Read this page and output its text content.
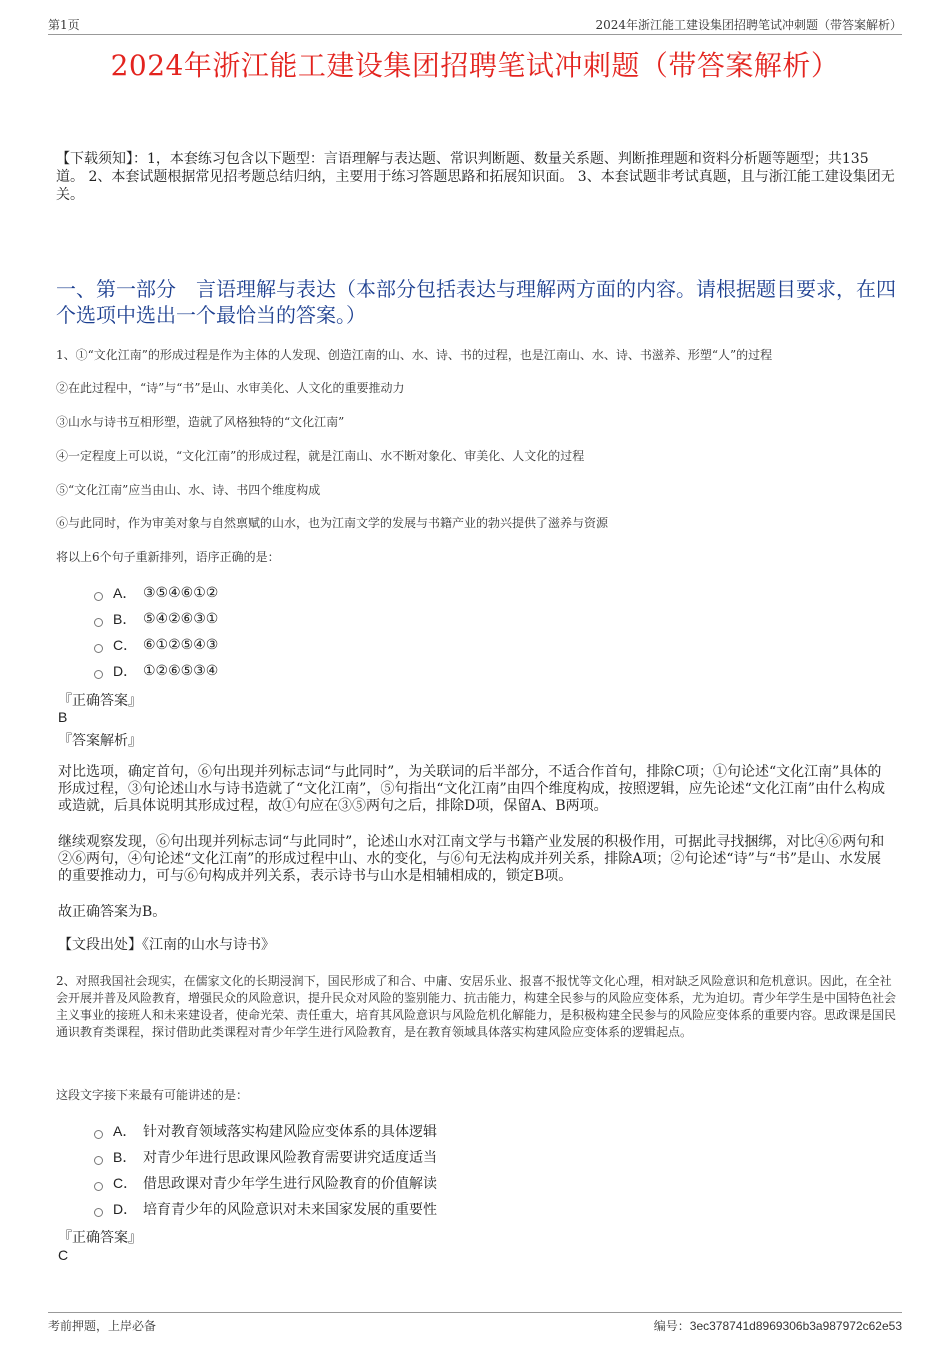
第1页	2024年浙江能工建设集团招聘笔试冲刺题（带答案解析）
2024年浙江能工建设集团招聘笔试冲刺题（带答案解析）
【下载须知】：1，本套练习包含以下题型：言语理解与表达题、常识判断题、数量关系题、判断推理题和资料分析题等题型；共135道。 2、本套试题根据常见招考题总结归纳，主要用于练习答题思路和拓展知识面。 3、本套试题非考试真题，且与浙江能工建设集团无关。
一、第一部分　言语理解与表达（本部分包括表达与理解两方面的内容。请根据题目要求，在四个选项中选出一个最恰当的答案。）
1、①“文化江南”的形成过程是作为主体的人发现、创造江南的山、水、诗、书的过程，也是江南山、水、诗、书滋养、形塑“人”的过程
②在此过程中，“诗”与“书”是山、水审美化、人文化的重要推动力
③山水与诗书互相形塑，造就了风格独特的“文化江南”
④一定程度上可以说，“文化江南”的形成过程，就是江南山、水不断对象化、审美化、人文化的过程
⑤“文化江南”应当由山、水、诗、书四个维度构成
⑥与此同时，作为审美对象与自然禀赋的山水，也为江南文学的发展与书籍产业的勃兴提供了滋养与资源
将以上6个句子重新排列，语序正确的是：
A． ③⑤④⑥①②
B． ⑤④②⑥③①
C． ⑥①②⑤④③
D． ①②⑥⑤③④
『正确答案』
B
『答案解析』
对比选项，确定首句，⑥句出现并列标志词“与此同时”，为关联词的后半部分，不适合作首句，排除C项；①句论述“文化江南”具体的形成过程，③句论述山水与诗书造就了“文化江南”，⑤句指出“文化江南”由四个维度构成，按照逻辑，应先论述“文化江南”由什么构成或造就，后具体说明其形成过程，故①句应在③⑤两句之后，排除D项，保留A、B两项。
继续观察发现，⑥句出现并列标志词“与此同时”，论述山水对江南文学与书籍产业发展的积极作用，可据此寻找捆绑，对比④⑥两句和②⑥两句，④句论述“文化江南”的形成过程中山、水的变化，与⑥句无法构成并列关系，排除A项；②句论述“诗”与“书”是山、水发展的重要推动力，可与⑥句构成并列关系，表示诗书与山水是相辅相成的，锁定B项。
故正确答案为B。
【文段出处】《江南的山水与诗书》
2、对照我国社会现实，在儒家文化的长期浸润下，国民形成了和合、中庸、安居乐业、报喜不报忧等文化心理，相对缺乏风险意识和危机意识。因此，在全社会开展并普及风险教育，增强民众的风险意识，提升民众对风险的鉴别能力、抗击能力，构建全民参与的风险应变体系，尤为迫切。青少年学生是中国特色社会主义事业的接班人和未来建设者，使命光荣、责任重大，培育其风险意识与风险危机化解能力，是积极构建全民参与的风险应变体系的重要内容。思政课是国民通识教育类课程，探讨借助此类课程对青少年学生进行风险教育，是在教育领域具体落实构建风险应变体系的逻辑起点。
这段文字接下来最有可能讲述的是：
A． 针对教育领域落实构建风险应变体系的具体逻辑
B． 对青少年进行思政课风险教育需要讲究适度适当
C． 借思政课对青少年学生进行风险教育的价值解读
D． 培育青少年的风险意识对未来国家发展的重要性
『正确答案』
C
考前押题，上岸必备	编号：3ec378741d8969306b3a987972c62e53
